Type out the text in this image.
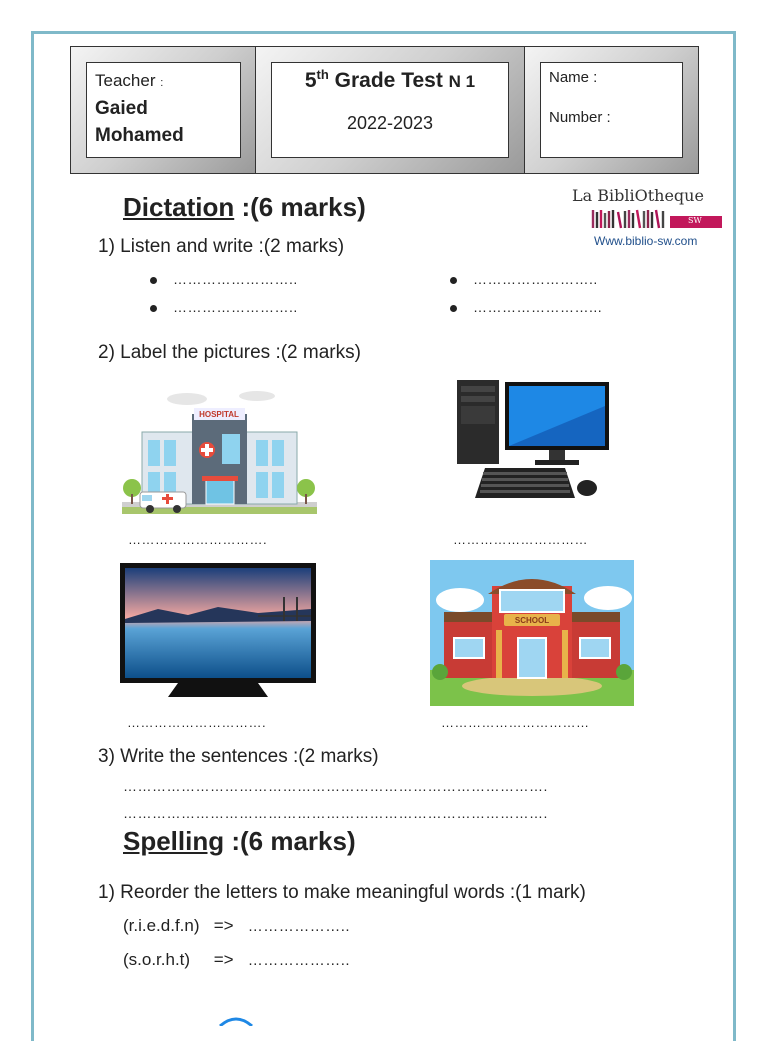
Teacher :
Gaied
Mohamed
5th Grade Test N 1
2022-2023
Name :
Number :
La BibliOtheque
SW
Www.biblio-sw.com
Dictation :(6 marks)
1) Listen and write :(2 marks)
……………………..	……………………..
……………………..	……………………...
2) Label the pictures :(2 marks)
HOSPITAL
………………………….	…………………………
………………………….
SCHOOL
……………………………
3) Write the sentences :(2 marks)
…………………………………………………………………………….
…………………………………………………………………………….
Spelling :(6 marks)
1) Reorder the letters to make meaningful words :(1 mark)
(r.i.e.d.f.n) => ………………..
(s.o.r.h.t) => ………………..
